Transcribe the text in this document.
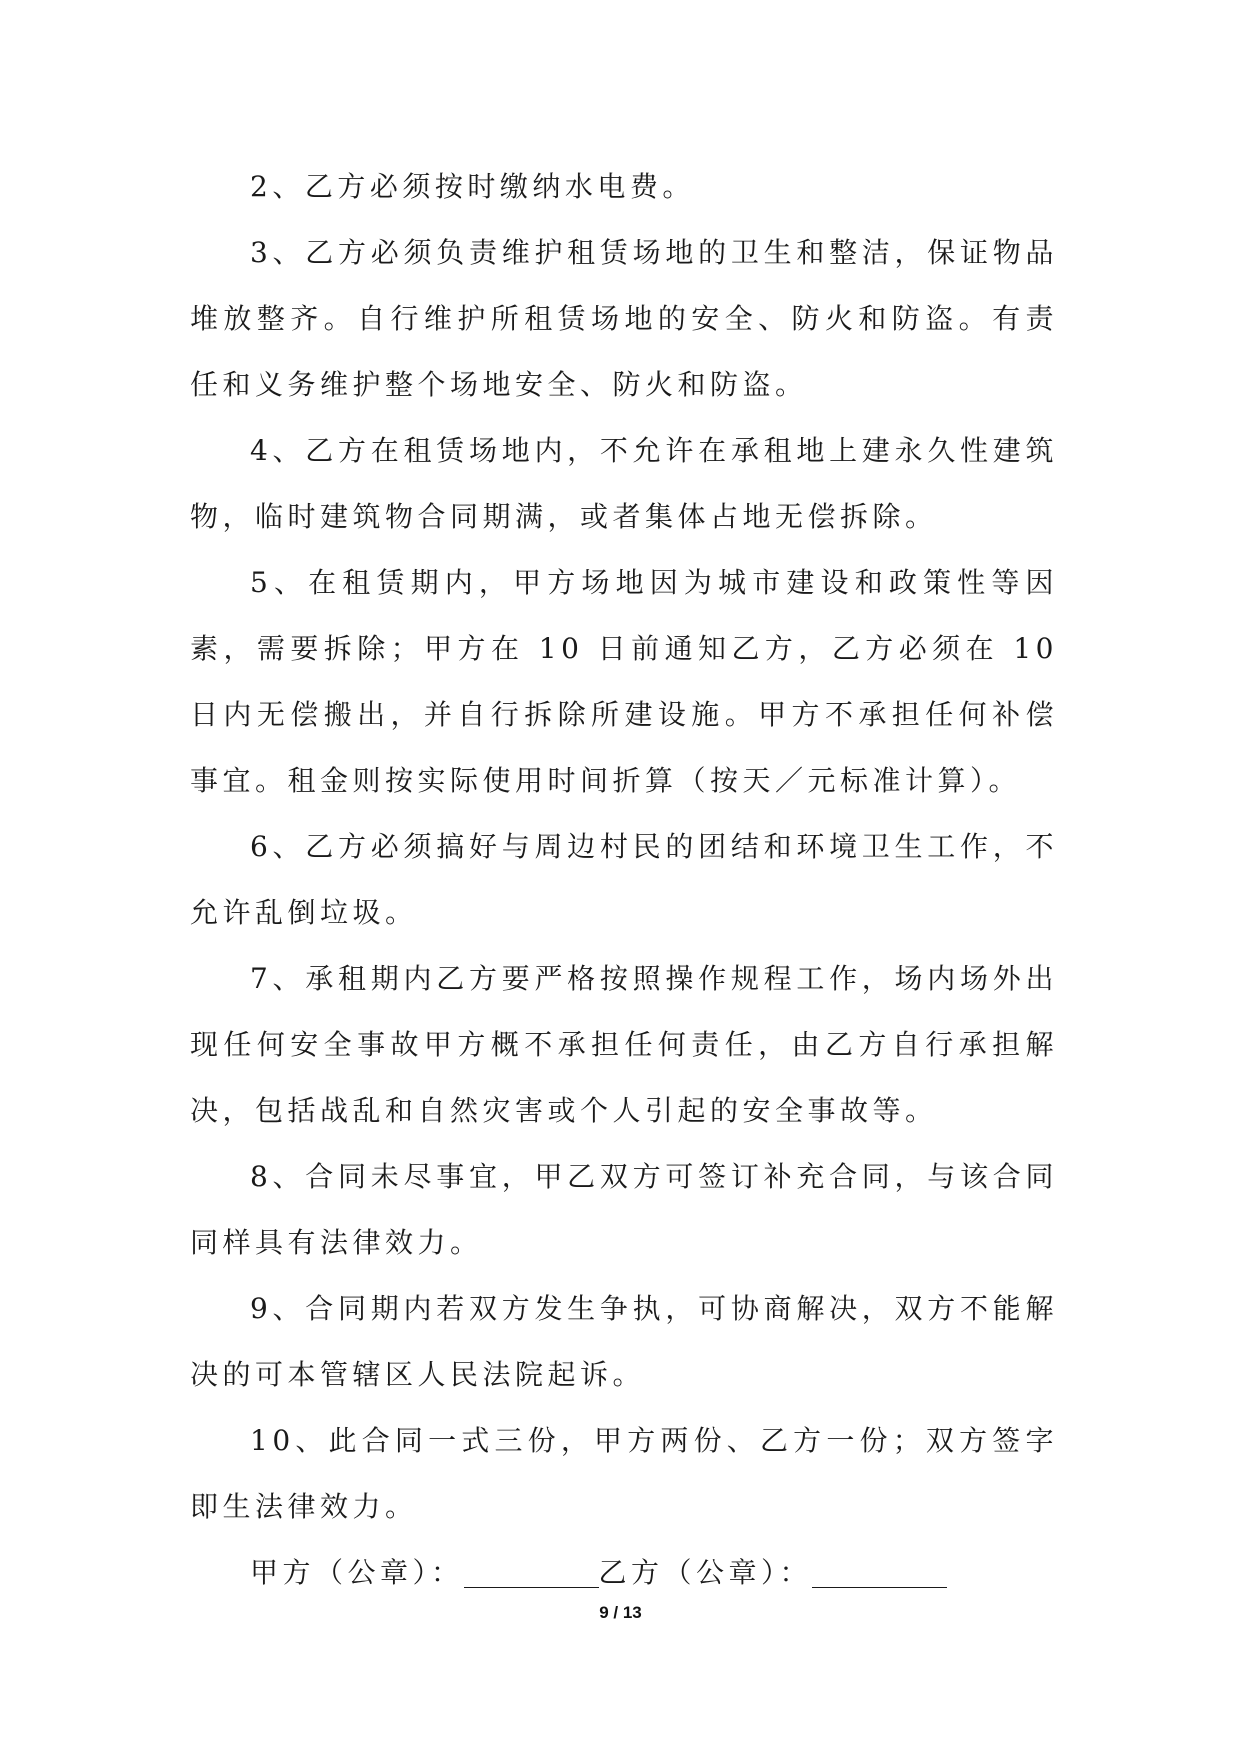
2、乙方必须按时缴纳水电费。

3、乙方必须负责维护租赁场地的卫生和整洁，保证物品堆放整齐。自行维护所租赁场地的安全、防火和防盗。有责任和义务维护整个场地安全、防火和防盗。

4、乙方在租赁场地内，不允许在承租地上建永久性建筑物，临时建筑物合同期满，或者集体占地无偿拆除。

5、在租赁期内，甲方场地因为城市建设和政策性等因素，需要拆除；甲方在 10 日前通知乙方，乙方必须在 10 日内无偿搬出，并自行拆除所建设施。甲方不承担任何补偿事宜。租金则按实际使用时间折算（按天／元标准计算）。

6、乙方必须搞好与周边村民的团结和环境卫生工作，不允许乱倒垃圾。

7、承租期内乙方要严格按照操作规程工作，场内场外出现任何安全事故甲方概不承担任何责任，由乙方自行承担解决，包括战乱和自然灾害或个人引起的安全事故等。

8、合同未尽事宜，甲乙双方可签订补充合同，与该合同同样具有法律效力。

9、合同期内若双方发生争执，可协商解决，双方不能解决的可本管辖区人民法院起诉。

10、此合同一式三份，甲方两份、乙方一份；双方签字即生法律效力。

甲方（公章）：	乙方（公章）：

9 / 13
